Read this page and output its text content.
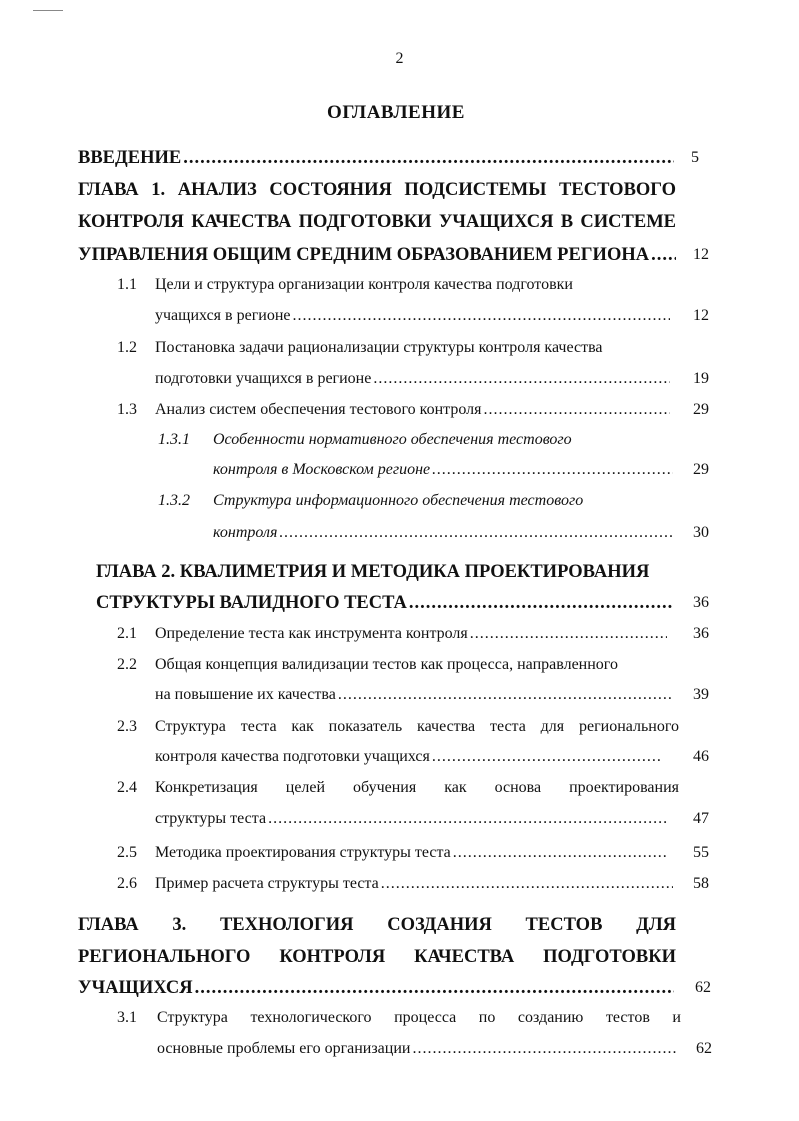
2
ОГЛАВЛЕНИЕ
ВВЕДЕНИЕ .....	5
ГЛАВА 1. АНАЛИЗ СОСТОЯНИЯ ПОДСИСТЕМЫ ТЕСТОВОГО
КОНТРОЛЯ КАЧЕСТВА ПОДГОТОВКИ УЧАЩИХСЯ В СИСТЕМЕ
УПРАВЛЕНИЯ ОБЩИМ СРЕДНИМ ОБРАЗОВАНИЕМ РЕГИОНА .....	12
1.1 Цели и структура организации контроля качества подготовки
учащихся в регионе .....	12
1.2 Постановка задачи рационализации структуры контроля качества
подготовки учащихся в регионе .....	19
1.3 Анализ систем обеспечения тестового контроля .....	29
1.3.1 Особенности нормативного обеспечения тестового
контроля в Московском регионе .....	29
1.3.2 Структура информационного обеспечения тестового
контроля .....	30
ГЛАВА 2. КВАЛИМЕТРИЯ И МЕТОДИКА ПРОЕКТИРОВАНИЯ
СТРУКТУРЫ ВАЛИДНОГО ТЕСТА .....	36
2.1 Определение теста как инструмента контроля .....	36
2.2 Общая концепция валидизации тестов как процесса, направленного
на повышение их качества .....	39
2.3 Структура теста как показатель качества теста для регионального
контроля качества подготовки учащихся .....	46
2.4 Конкретизация целей обучения как основа проектирования
структуры теста .....	47
2.5 Методика проектирования структуры теста .....	55
2.6 Пример расчета структуры теста .....	58
ГЛАВА 3. ТЕХНОЛОГИЯ СОЗДАНИЯ ТЕСТОВ ДЛЯ
РЕГИОНАЛЬНОГО КОНТРОЛЯ КАЧЕСТВА ПОДГОТОВКИ
УЧАЩИХСЯ .....	62
3.1 Структура технологического процесса по созданию тестов и
основные проблемы его организации .....	62
